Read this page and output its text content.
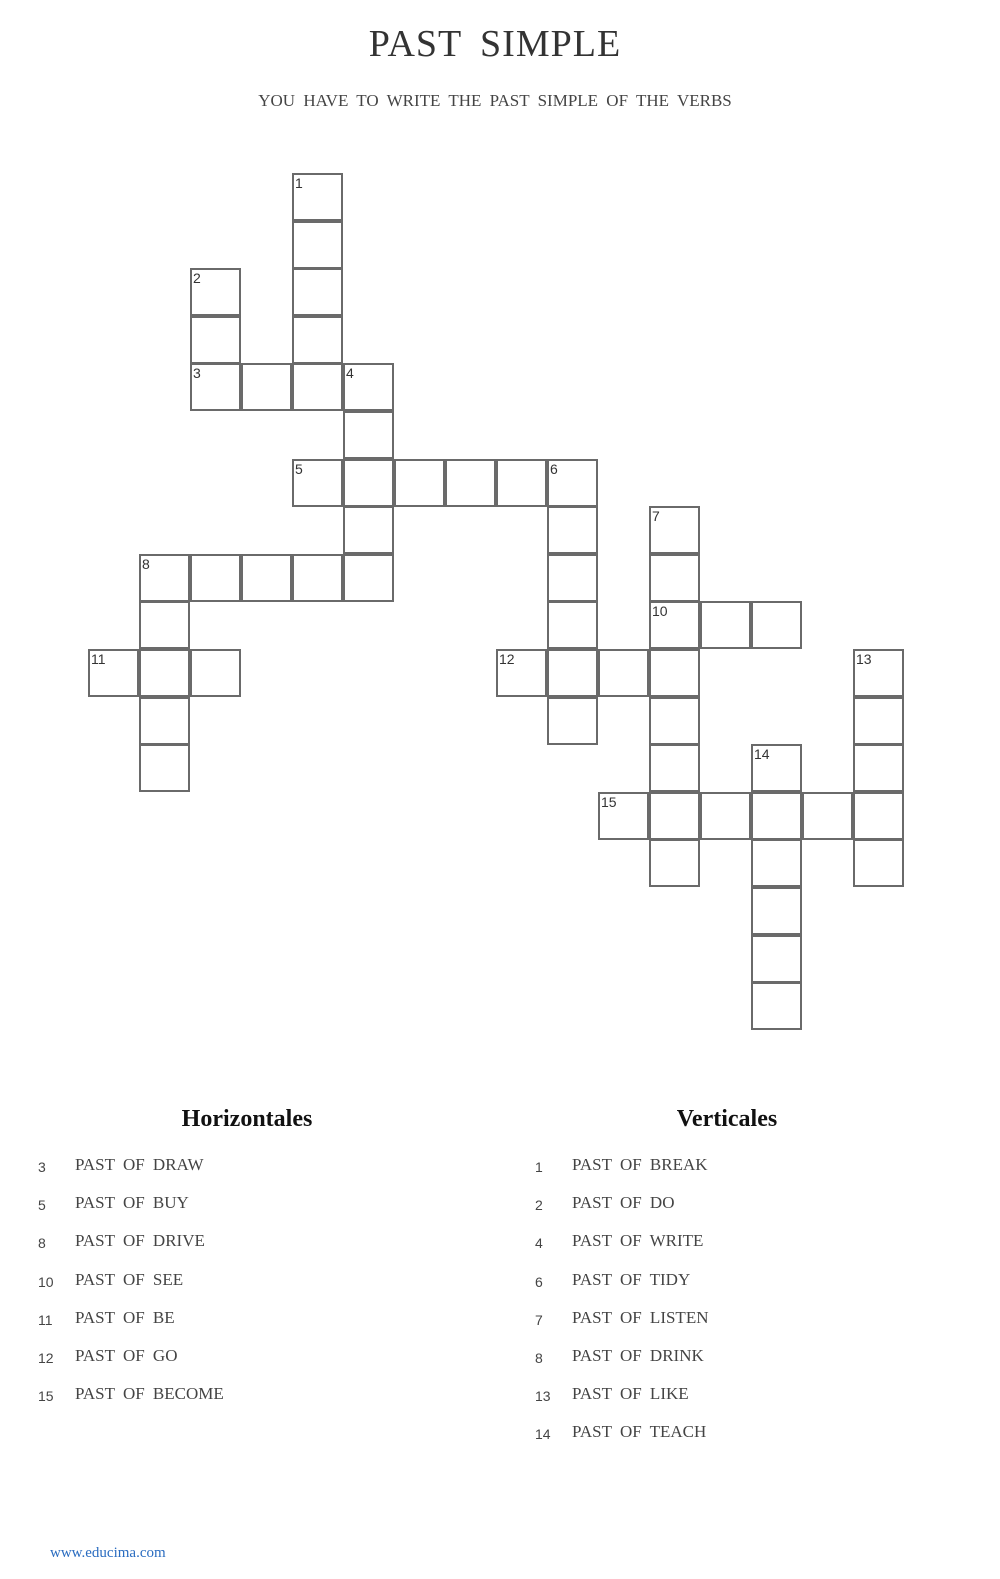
PAST SIMPLE
YOU HAVE TO WRITE THE PAST SIMPLE OF THE VERBS
1
2
3	4
5	6
7
10
11	12	13
14
15
8
Horizontales	Verticales
3 PAST OF DRAW
5 PAST OF BUY
8 PAST OF DRIVE
10 PAST OF SEE
11 PAST OF BE
12 PAST OF GO
15 PAST OF BECOME
1 PAST OF BREAK
2 PAST OF DO
4 PAST OF WRITE
6 PAST OF TIDY
7 PAST OF LISTEN
8 PAST OF DRINK
13 PAST OF LIKE
14 PAST OF TEACH
www.educima.com
